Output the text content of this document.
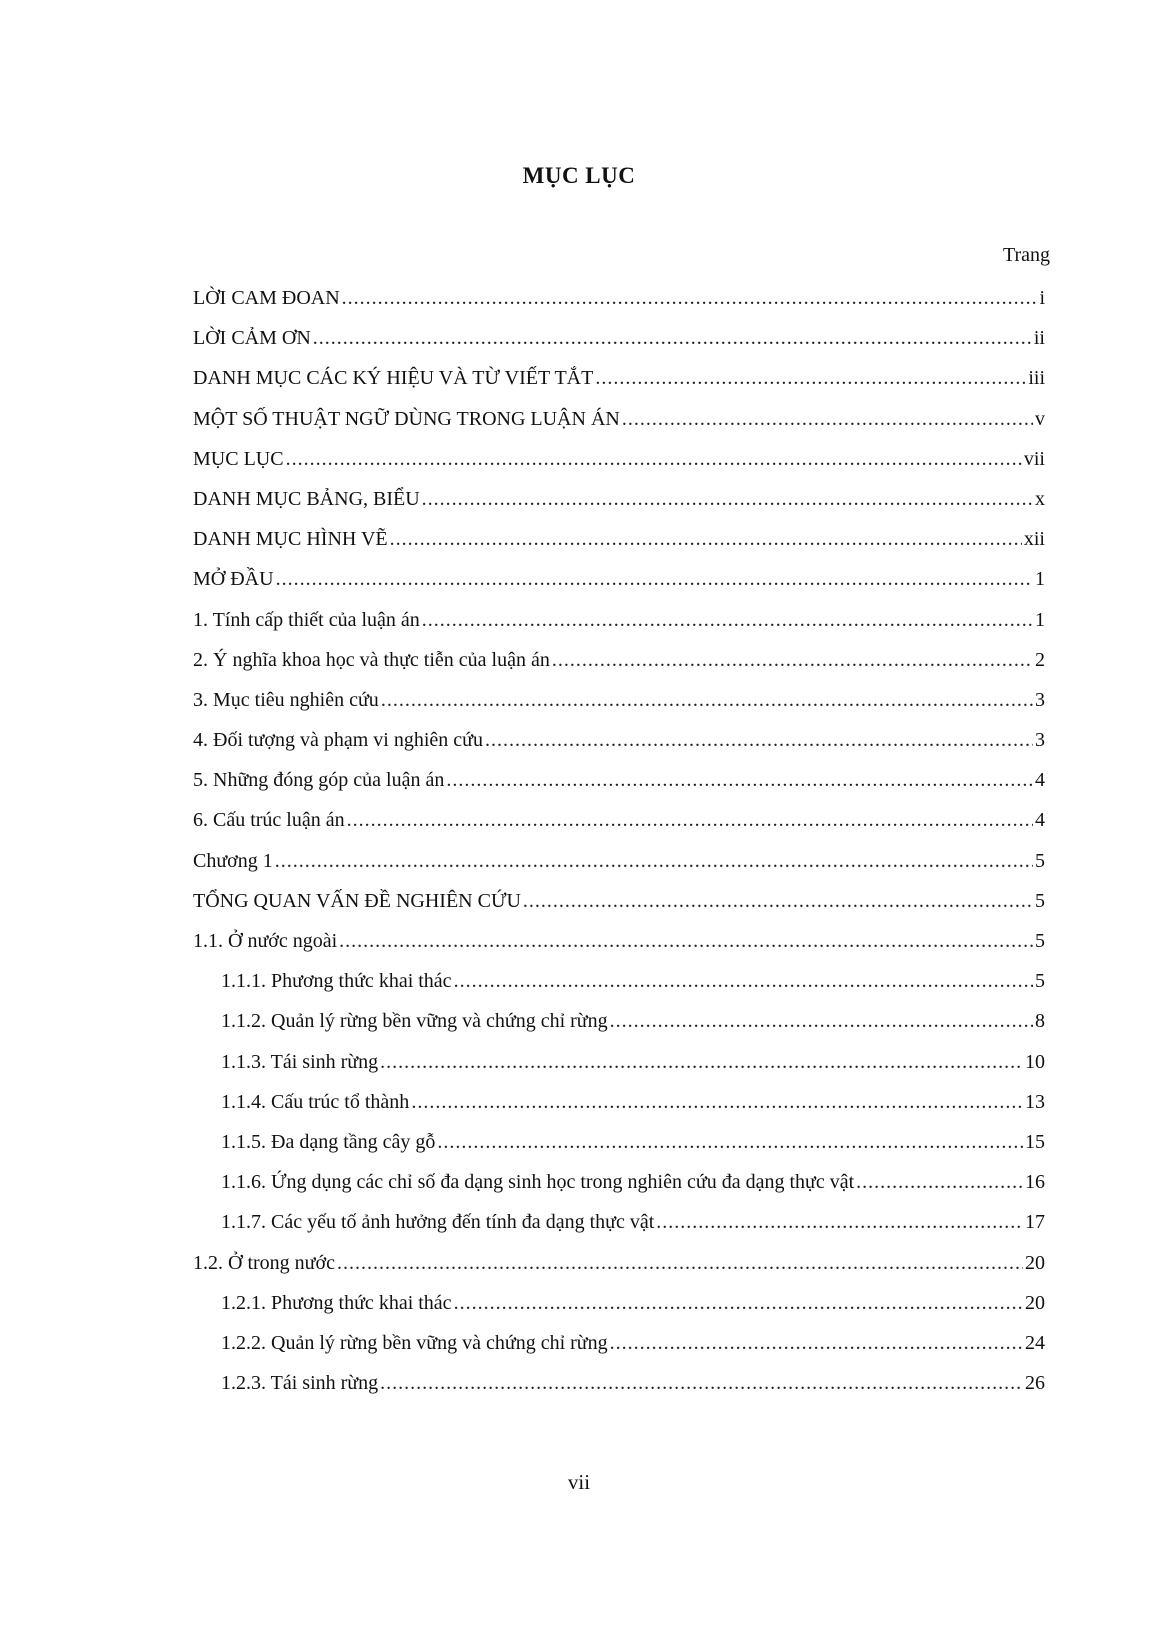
MỤC LỤC
Trang
LỜI CAM ĐOAN .....	i
LỜI CẢM ƠN .....	ii
DANH MỤC CÁC KÝ HIỆU VÀ TỪ VIẾT TẮT .....	iii
MỘT SỐ THUẬT NGỮ DÙNG TRONG LUẬN ÁN .....	v
MỤC LỤC .....	vii
DANH MỤC BẢNG, BIỂU .....	x
DANH MỤC HÌNH VẼ .....	xii
MỞ ĐẦU .....	1
1. Tính cấp thiết của luận án .....	1
2. Ý nghĩa khoa học và thực tiễn của luận án .....	2
3. Mục tiêu nghiên cứu .....	3
4. Đối tượng và phạm vi nghiên cứu .....	3
5. Những đóng góp của luận án .....	4
6. Cấu trúc luận án .....	4
Chương 1 .....	5
TỔNG QUAN VẤN ĐỀ NGHIÊN CỨU .....	5
1.1. Ở nước ngoài .....	5
1.1.1. Phương thức khai thác .....	5
1.1.2. Quản lý rừng bền vững và chứng chỉ rừng .....	8
1.1.3. Tái sinh rừng .....	10
1.1.4. Cấu trúc tổ thành .....	13
1.1.5. Đa dạng tầng cây gỗ .....	15
1.1.6. Ứng dụng các chỉ số đa dạng sinh học trong nghiên cứu đa dạng thực vật .....	16
1.1.7. Các yếu tố ảnh hưởng đến tính đa dạng thực vật .....	17
1.2. Ở trong nước .....	20
1.2.1. Phương thức khai thác .....	20
1.2.2. Quản lý rừng bền vững và chứng chỉ rừng .....	24
1.2.3. Tái sinh rừng .....	26
vii
